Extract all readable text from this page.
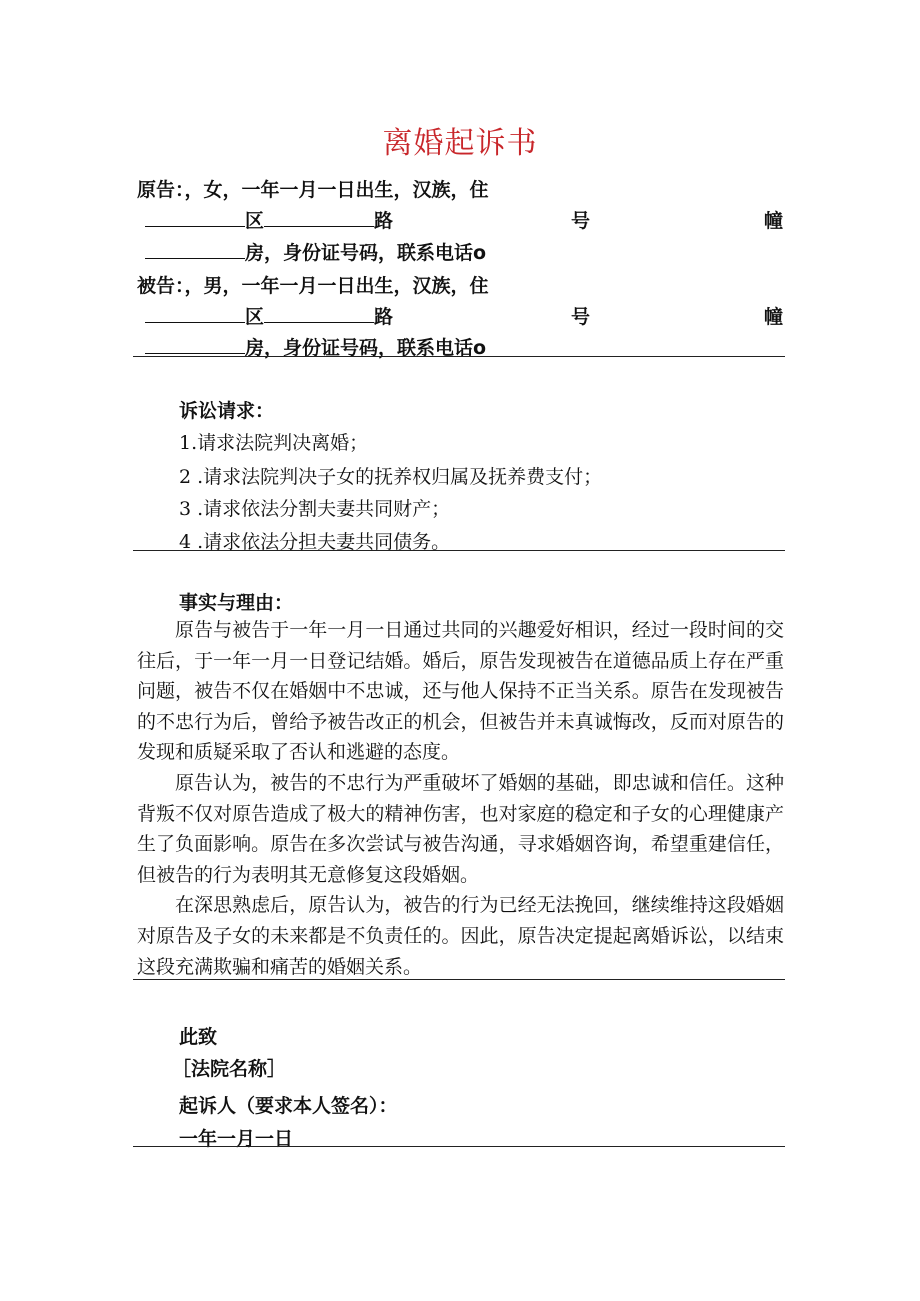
离婚起诉书
原告：，女，一年一月一日出生，汉族，住
区	路	号	幢
房，身份证号码，联系电话o
被告：，男，一年一月一日出生，汉族，住
区	路	号	幢
房，身份证号码，联系电话o
诉讼请求：
1.请求法院判决离婚；
2 .请求法院判决子女的抚养权归属及抚养费支付；
3 .请求依法分割夫妻共同财产；
4 .请求依法分担夫妻共同债务。
事实与理由：

原告与被告于一年一月一日通过共同的兴趣爱好相识，经过一段时间的交往后，于一年一月一日登记结婚。婚后，原告发现被告在道德品质上存在严重问题，被告不仅在婚姻中不忠诚，还与他人保持不正当关系。原告在发现被告的不忠行为后，曾给予被告改正的机会，但被告并未真诚悔改，反而对原告的发现和质疑采取了否认和逃避的态度。

原告认为，被告的不忠行为严重破坏了婚姻的基础，即忠诚和信任。这种背叛不仅对原告造成了极大的精神伤害，也对家庭的稳定和子女的心理健康产生了负面影响。原告在多次尝试与被告沟通，寻求婚姻咨询，希望重建信任，但被告的行为表明其无意修复这段婚姻。

在深思熟虑后，原告认为，被告的行为已经无法挽回，继续维持这段婚姻对原告及子女的未来都是不负责任的。因此，原告决定提起离婚诉讼，以结束这段充满欺骗和痛苦的婚姻关系。

此致
［法院名称］
起诉人（要求本人签名）：
一年一月一日
